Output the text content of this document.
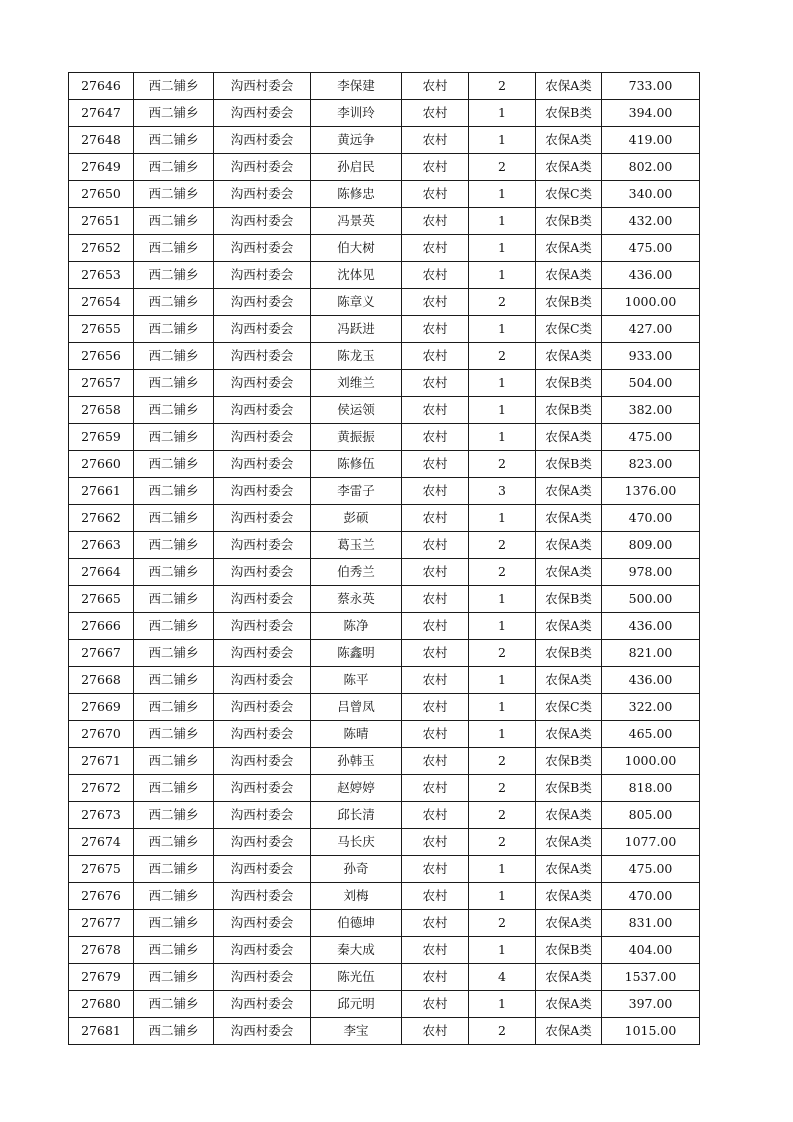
27646	西二铺乡	沟西村委会	李保建	农村	2	农保A类	733.00
27647	西二铺乡	沟西村委会	李训玲	农村	1	农保B类	394.00
27648	西二铺乡	沟西村委会	黄远争	农村	1	农保A类	419.00
27649	西二铺乡	沟西村委会	孙启民	农村	2	农保A类	802.00
27650	西二铺乡	沟西村委会	陈修忠	农村	1	农保C类	340.00
27651	西二铺乡	沟西村委会	冯景英	农村	1	农保B类	432.00
27652	西二铺乡	沟西村委会	伯大树	农村	1	农保A类	475.00
27653	西二铺乡	沟西村委会	沈体见	农村	1	农保A类	436.00
27654	西二铺乡	沟西村委会	陈章义	农村	2	农保B类	1000.00
27655	西二铺乡	沟西村委会	冯跃进	农村	1	农保C类	427.00
27656	西二铺乡	沟西村委会	陈龙玉	农村	2	农保A类	933.00
27657	西二铺乡	沟西村委会	刘维兰	农村	1	农保B类	504.00
27658	西二铺乡	沟西村委会	侯运领	农村	1	农保B类	382.00
27659	西二铺乡	沟西村委会	黄振振	农村	1	农保A类	475.00
27660	西二铺乡	沟西村委会	陈修伍	农村	2	农保B类	823.00
27661	西二铺乡	沟西村委会	李雷子	农村	3	农保A类	1376.00
27662	西二铺乡	沟西村委会	彭硕	农村	1	农保A类	470.00
27663	西二铺乡	沟西村委会	葛玉兰	农村	2	农保A类	809.00
27664	西二铺乡	沟西村委会	伯秀兰	农村	2	农保A类	978.00
27665	西二铺乡	沟西村委会	蔡永英	农村	1	农保B类	500.00
27666	西二铺乡	沟西村委会	陈净	农村	1	农保A类	436.00
27667	西二铺乡	沟西村委会	陈鑫明	农村	2	农保B类	821.00
27668	西二铺乡	沟西村委会	陈平	农村	1	农保A类	436.00
27669	西二铺乡	沟西村委会	吕曾凤	农村	1	农保C类	322.00
27670	西二铺乡	沟西村委会	陈晴	农村	1	农保A类	465.00
27671	西二铺乡	沟西村委会	孙韩玉	农村	2	农保B类	1000.00
27672	西二铺乡	沟西村委会	赵婷婷	农村	2	农保B类	818.00
27673	西二铺乡	沟西村委会	邱长清	农村	2	农保A类	805.00
27674	西二铺乡	沟西村委会	马长庆	农村	2	农保A类	1077.00
27675	西二铺乡	沟西村委会	孙奇	农村	1	农保A类	475.00
27676	西二铺乡	沟西村委会	刘梅	农村	1	农保A类	470.00
27677	西二铺乡	沟西村委会	伯德坤	农村	2	农保A类	831.00
27678	西二铺乡	沟西村委会	秦大成	农村	1	农保B类	404.00
27679	西二铺乡	沟西村委会	陈光伍	农村	4	农保A类	1537.00
27680	西二铺乡	沟西村委会	邱元明	农村	1	农保A类	397.00
27681	西二铺乡	沟西村委会	李宝	农村	2	农保A类	1015.00
